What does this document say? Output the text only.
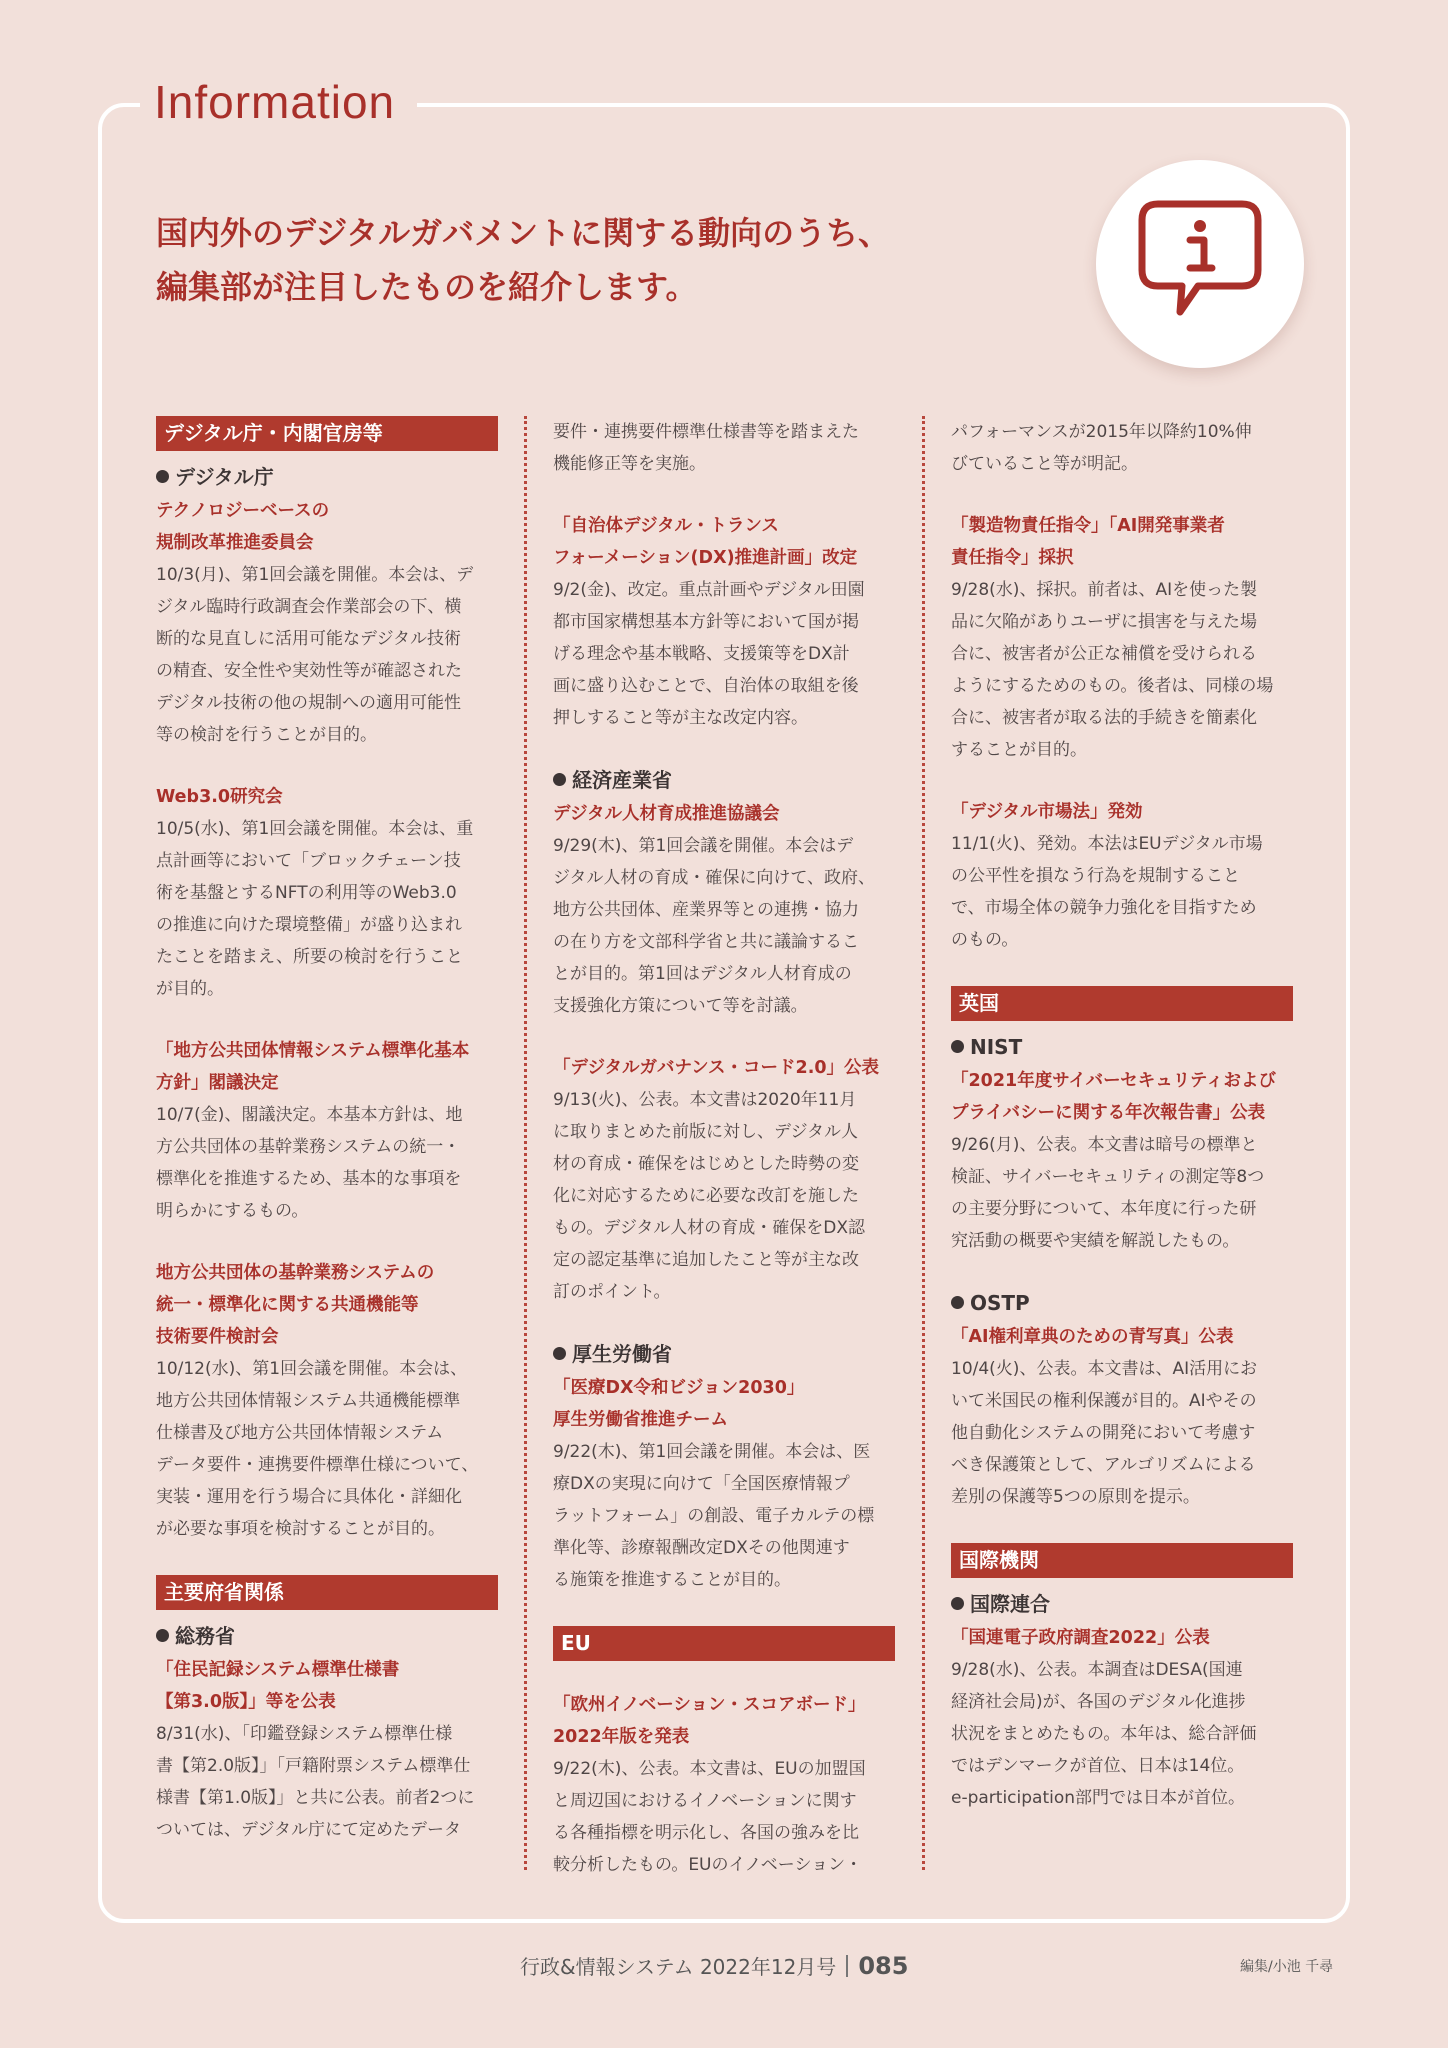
Information
国内外のデジタルガバメントに関する動向のうち、
編集部が注目したものを紹介します。
デジタル庁・内閣官房等
デジタル庁
テクノロジーベースの
規制改革推進委員会
10/3(月)、第1回会議を開催。本会は、デ
ジタル臨時行政調査会作業部会の下、横
断的な見直しに活用可能なデジタル技術
の精査、安全性や実効性等が確認された
デジタル技術の他の規制への適用可能性
等の検討を行うことが目的。
Web3.0研究会
10/5(水)、第1回会議を開催。本会は、重
点計画等において「ブロックチェーン技
術を基盤とするNFTの利用等のWeb3.0
の推進に向けた環境整備」が盛り込まれ
たことを踏まえ、所要の検討を行うこと
が目的。
「地方公共団体情報システム標準化基本
方針」閣議決定
10/7(金)、閣議決定。本基本方針は、地
方公共団体の基幹業務システムの統一・
標準化を推進するため、基本的な事項を
明らかにするもの。
地方公共団体の基幹業務システムの
統一・標準化に関する共通機能等
技術要件検討会
10/12(水)、第1回会議を開催。本会は、
地方公共団体情報システム共通機能標準
仕様書及び地方公共団体情報システム
データ要件・連携要件標準仕様について、
実装・運用を行う場合に具体化・詳細化
が必要な事項を検討することが目的。
主要府省関係
総務省
「住民記録システム標準仕様書
【第3.0版】」等を公表
8/31(水)、「印鑑登録システム標準仕様
書【第2.0版】」「戸籍附票システム標準仕
様書【第1.0版】」と共に公表。前者2つに
ついては、デジタル庁にて定めたデータ
要件・連携要件標準仕様書等を踏まえた
機能修正等を実施。
「自治体デジタル・トランス
フォーメーション(DX)推進計画」改定
9/2(金)、改定。重点計画やデジタル田園
都市国家構想基本方針等において国が掲
げる理念や基本戦略、支援策等をDX計
画に盛り込むことで、自治体の取組を後
押しすること等が主な改定内容。
経済産業省
デジタル人材育成推進協議会
9/29(木)、第1回会議を開催。本会はデ
ジタル人材の育成・確保に向けて、政府、
地方公共団体、産業界等との連携・協力
の在り方を文部科学省と共に議論するこ
とが目的。第1回はデジタル人材育成の
支援強化方策について等を討議。
「デジタルガバナンス・コード2.0」公表
9/13(火)、公表。本文書は2020年11月
に取りまとめた前版に対し、デジタル人
材の育成・確保をはじめとした時勢の変
化に対応するために必要な改訂を施した
もの。デジタル人材の育成・確保をDX認
定の認定基準に追加したこと等が主な改
訂のポイント。
厚生労働省
「医療DX令和ビジョン2030」
厚生労働省推進チーム
9/22(木)、第1回会議を開催。本会は、医
療DXの実現に向けて「全国医療情報プ
ラットフォーム」の創設、電子カルテの標
準化等、診療報酬改定DXその他関連す
る施策を推進することが目的。
EU
「欧州イノベーション・スコアボード」
2022年版を発表
9/22(木)、公表。本文書は、EUの加盟国
と周辺国におけるイノベーションに関す
る各種指標を明示化し、各国の強みを比
較分析したもの。EUのイノベーション・
パフォーマンスが2015年以降約10%伸
びていること等が明記。
「製造物責任指令」「AI開発事業者
責任指令」採択
9/28(水)、採択。前者は、AIを使った製
品に欠陥がありユーザに損害を与えた場
合に、被害者が公正な補償を受けられる
ようにするためのもの。後者は、同様の場
合に、被害者が取る法的手続きを簡素化
することが目的。
「デジタル市場法」発効
11/1(火)、発効。本法はEUデジタル市場
の公平性を損なう行為を規制すること
で、市場全体の競争力強化を目指すため
のもの。
英国
NIST
「2021年度サイバーセキュリティおよび
プライバシーに関する年次報告書」公表
9/26(月)、公表。本文書は暗号の標準と
検証、サイバーセキュリティの測定等8つ
の主要分野について、本年度に行った研
究活動の概要や実績を解説したもの。
OSTP
「AI権利章典のための青写真」公表
10/4(火)、公表。本文書は、AI活用にお
いて米国民の権利保護が目的。AIやその
他自動化システムの開発において考慮す
べき保護策として、アルゴリズムによる
差別の保護等5つの原則を提示。
国際機関
国際連合
「国連電子政府調査2022」公表
9/28(水)、公表。本調査はDESA(国連
経済社会局)が、各国のデジタル化進捗
状況をまとめたもの。本年は、総合評価
ではデンマークが首位、日本は14位。
e-participation部門では日本が首位。
行政&情報システム 2022年12月号 085	編集/小池 千尋
